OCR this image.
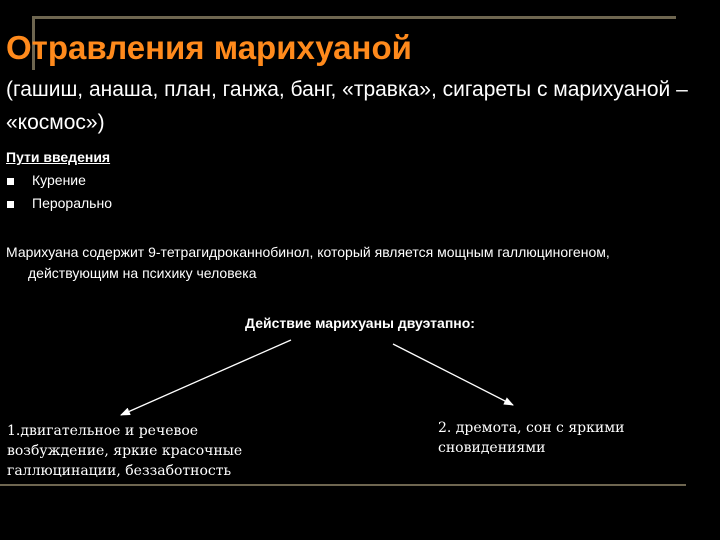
Отравления марихуаной
(гашиш, анаша, план, ганжа, банг, «травка», сигареты с марихуаной – «космос»)
Пути введения
Курение
Перорально
Марихуана содержит 9-тетрагидроканнобинол, который является мощным галлюциногеном, действующим на психику человека
Действие марихуаны двуэтапно:
1.двигательное и речевое возбуждение, яркие красочные галлюцинации, беззаботность
2. дремота, сон с яркими сновидениями
